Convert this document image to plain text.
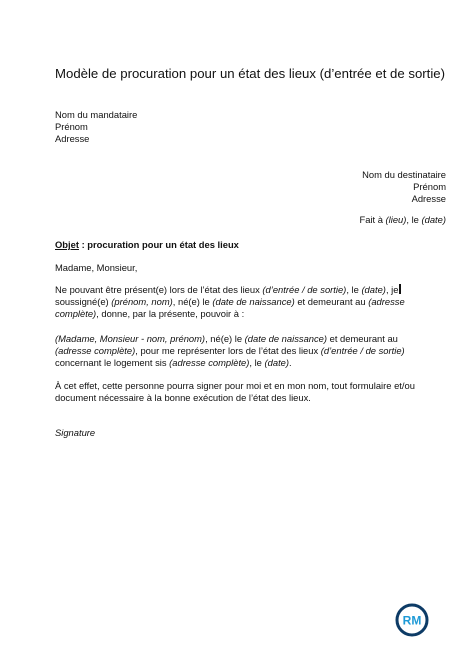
Modèle de procuration pour un état des lieux (d’entrée et de sortie)
Nom du mandataire
Prénom
Adresse
Nom du destinataire
Prénom
Adresse
Fait à (lieu), le (date)
Objet : procuration pour un état des lieux
Madame, Monsieur,
Ne pouvant être présent(e) lors de l’état des lieux (d’entrée / de sortie), le (date), je
soussigné(e) (prénom, nom), né(e) le (date de naissance) et demeurant au (adresse
complète), donne, par la présente, pouvoir à :
(Madame, Monsieur - nom, prénom), né(e) le (date de naissance) et demeurant au
(adresse complète), pour me représenter lors de l’état des lieux (d’entrée / de sortie)
concernant le logement sis (adresse complète), le (date).
À cet effet, cette personne pourra signer pour moi et en mon nom, tout formulaire et/ou
document nécessaire à la bonne exécution de l’état des lieux.
Signature
RM
